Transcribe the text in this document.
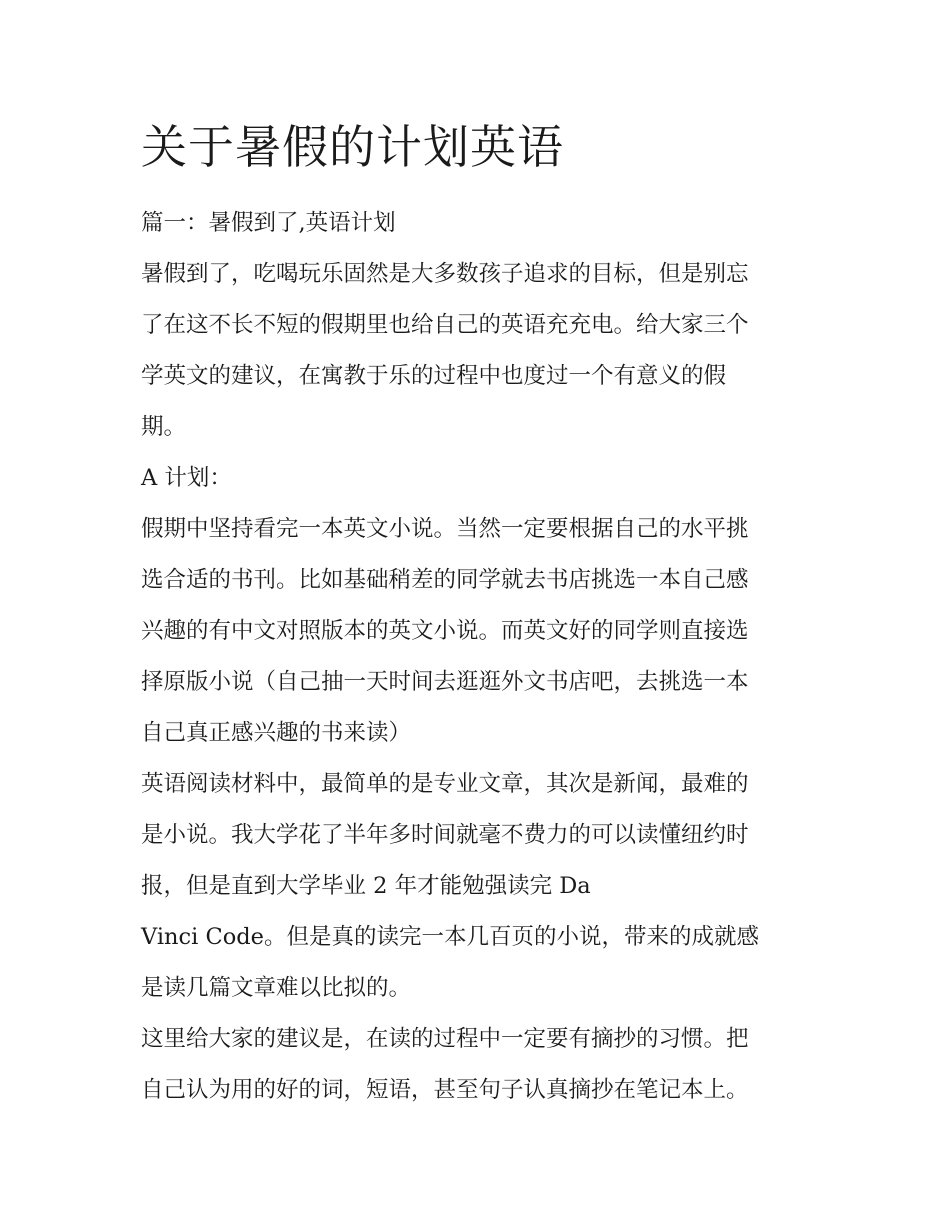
关于暑假的计划英语

篇一：暑假到了,英语计划

暑假到了，吃喝玩乐固然是大多数孩子追求的目标，但是别忘

了在这不长不短的假期里也给自己的英语充充电。给大家三个

学英文的建议，在寓教于乐的过程中也度过一个有意义的假

期。

A 计划：

假期中坚持看完一本英文小说。当然一定要根据自己的水平挑

选合适的书刊。比如基础稍差的同学就去书店挑选一本自己感

兴趣的有中文对照版本的英文小说。而英文好的同学则直接选

择原版小说（自己抽一天时间去逛逛外文书店吧，去挑选一本

自己真正感兴趣的书来读）

英语阅读材料中，最简单的是专业文章，其次是新闻，最难的

是小说。我大学花了半年多时间就毫不费力的可以读懂纽约时

报，但是直到大学毕业 2 年才能勉强读完 Da

Vinci Code。但是真的读完一本几百页的小说，带来的成就感

是读几篇文章难以比拟的。

这里给大家的建议是，在读的过程中一定要有摘抄的习惯。把

自己认为用的好的词，短语，甚至句子认真摘抄在笔记本上。
